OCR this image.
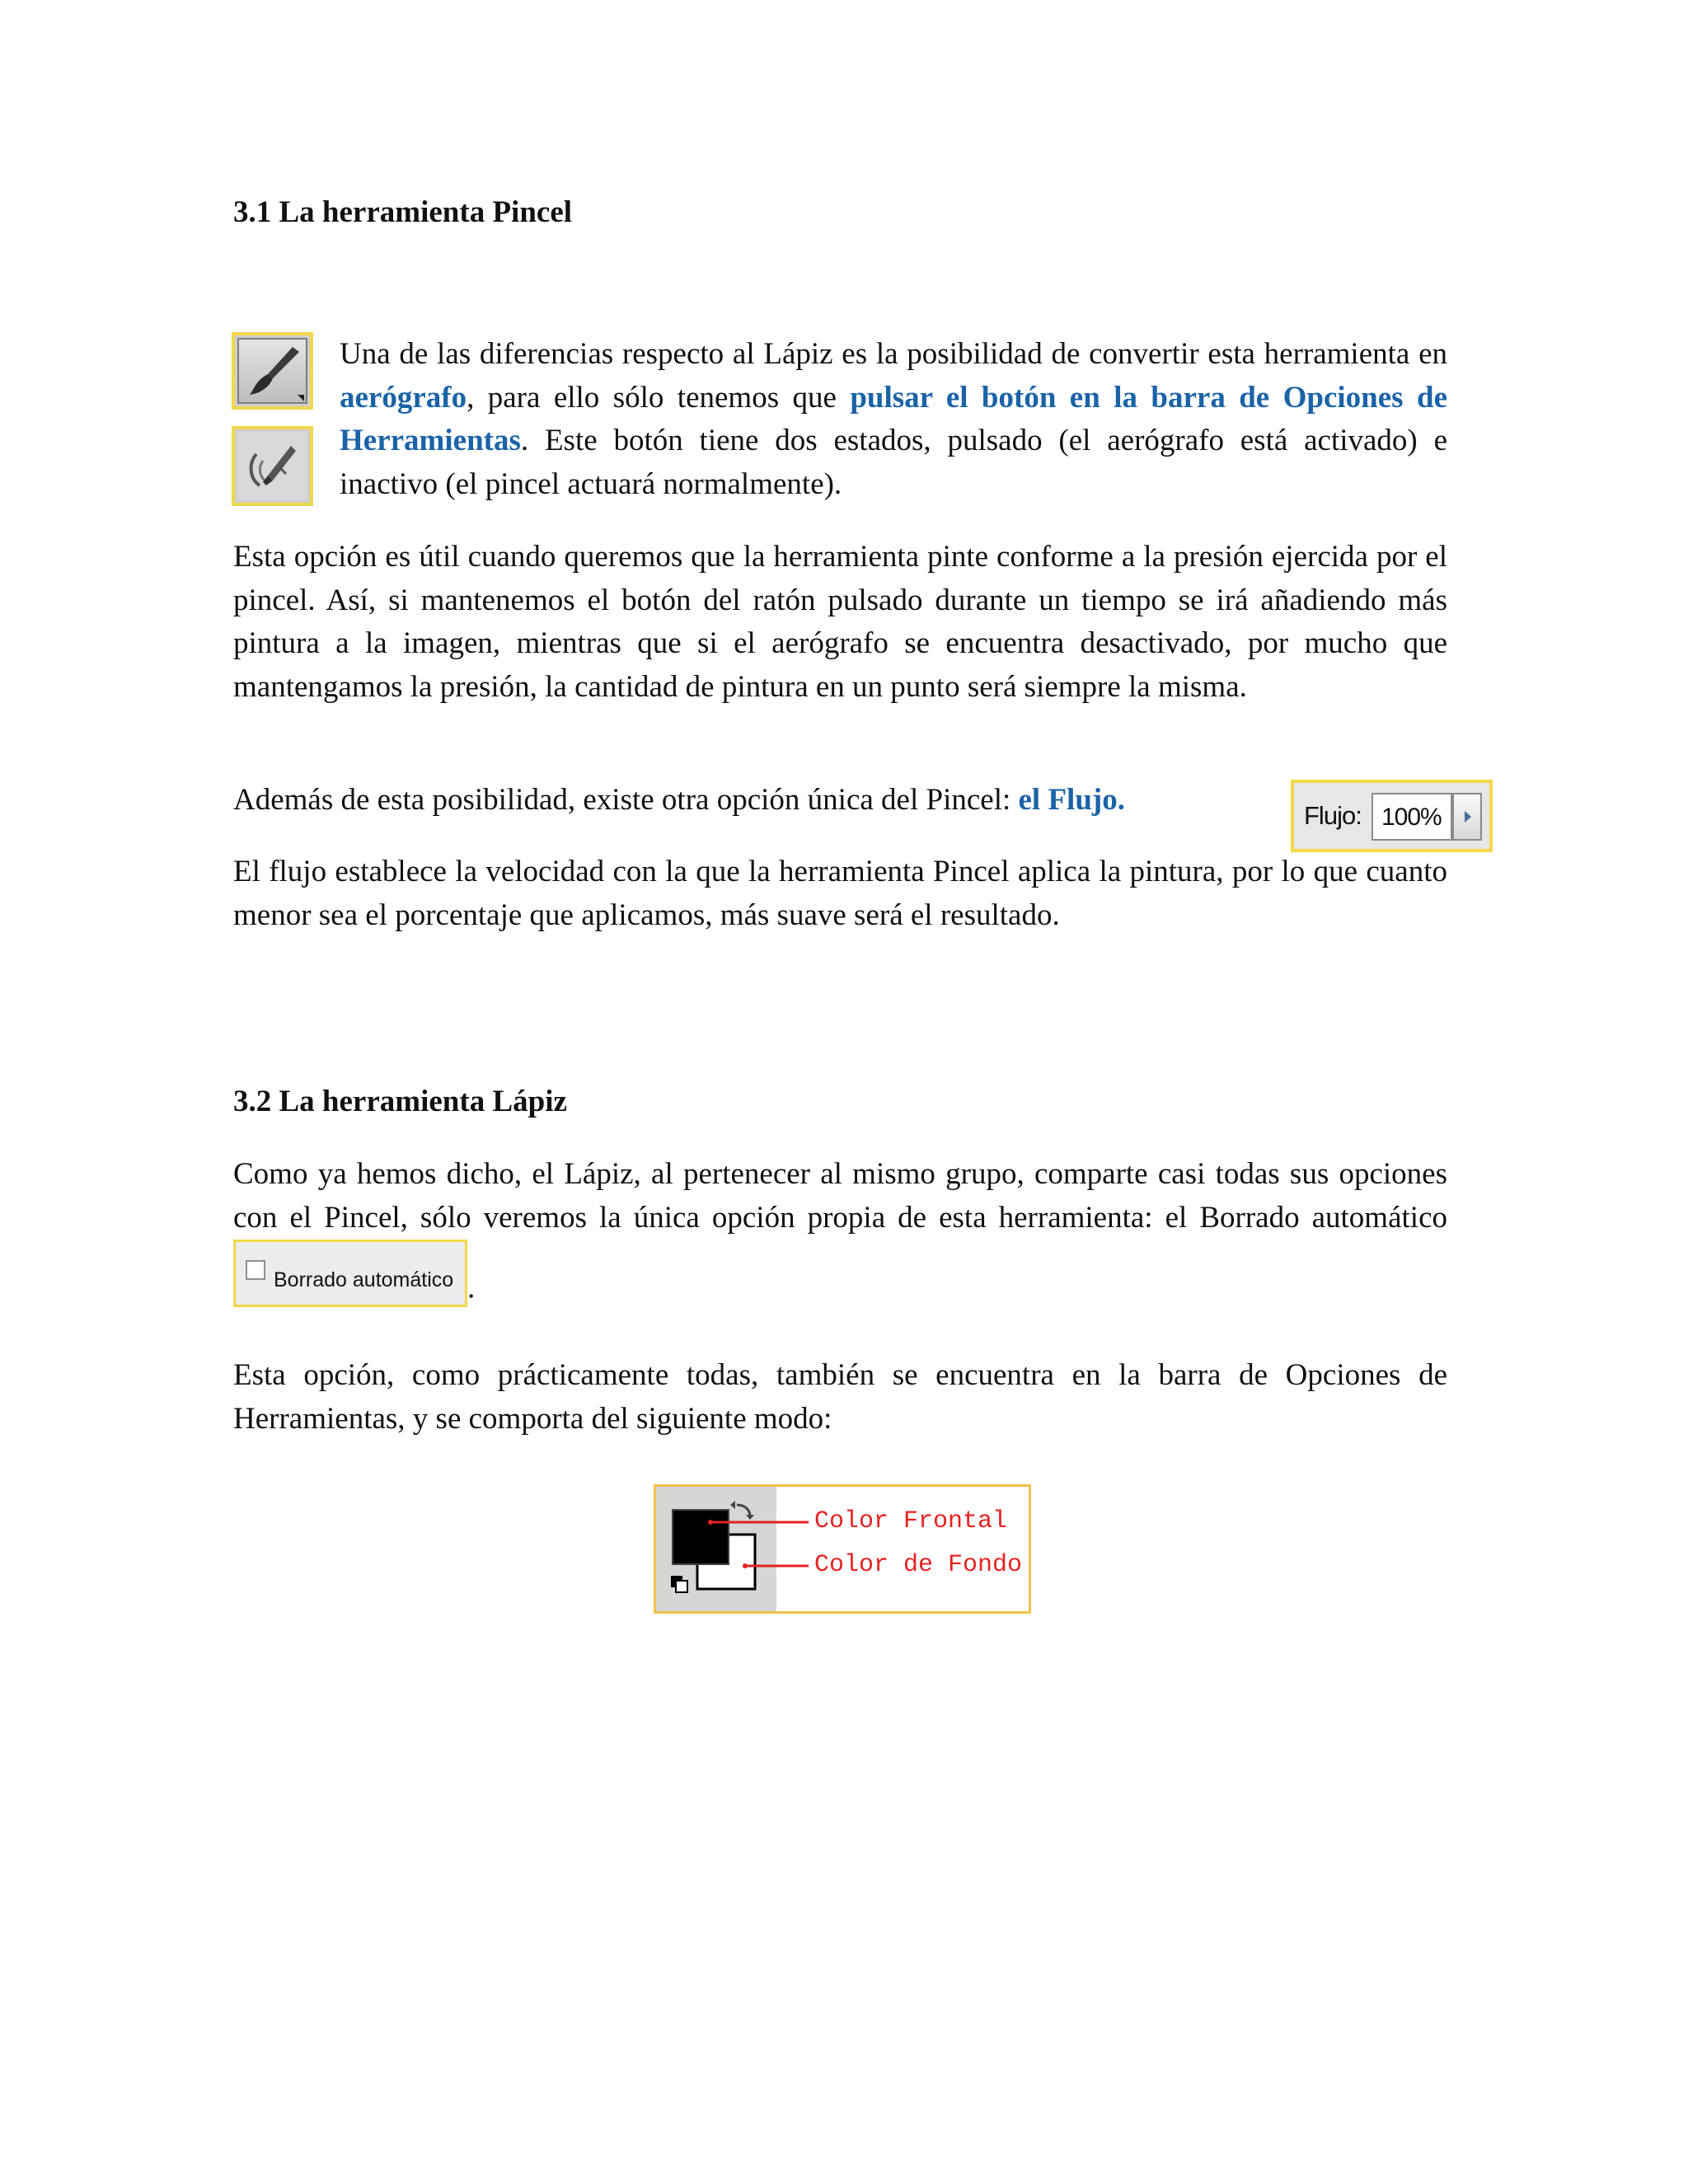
3.1 La herramienta Pincel
Una de las diferencias respecto al Lápiz es la posibilidad de convertir esta herramienta en aerógrafo, para ello sólo tenemos que pulsar el botón en la barra de Opciones de Herramientas. Este botón tiene dos estados, pulsado (el aerógrafo está activado) e inactivo (el pincel actuará normalmente).
Esta opción es útil cuando queremos que la herramienta pinte conforme a la presión ejercida por el pincel. Así, si mantenemos el botón del ratón pulsado durante un tiempo se irá añadiendo más pintura a la imagen, mientras que si el aerógrafo se encuentra desactivado, por mucho que mantengamos la presión, la cantidad de pintura en un punto será siempre la misma.
Además de esta posibilidad, existe otra opción única del Pincel: el Flujo.	Flujo: 100%
El flujo establece la velocidad con la que la herramienta Pincel aplica la pintura, por lo que cuanto menor sea el porcentaje que aplicamos, más suave será el resultado.
3.2 La herramienta Lápiz
Como ya hemos dicho, el Lápiz, al pertenecer al mismo grupo, comparte casi todas sus opciones con el Pincel, sólo veremos la única opción propia de esta herramienta: el Borrado automático
Borrado automático .
Esta opción, como prácticamente todas, también se encuentra en la barra de Opciones de Herramientas, y se comporta del siguiente modo:
Color Frontal
Color de Fondo
